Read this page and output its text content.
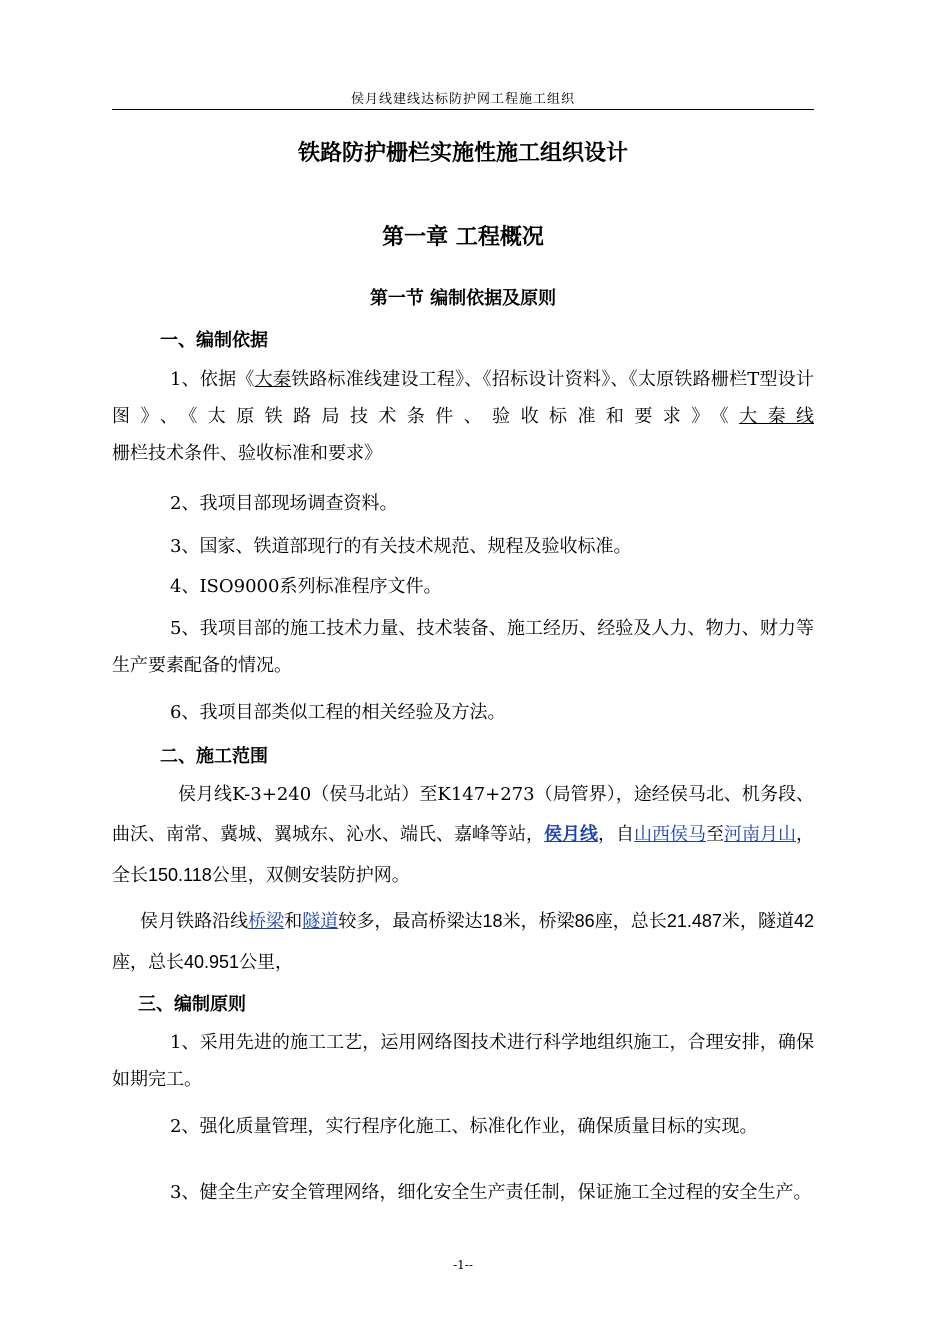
侯月线建线达标防护网工程施工组织
铁路防护栅栏实施性施工组织设计
第一章 工程概况
第一节 编制依据及原则
一、编制依据
1、依据《大秦铁路标准线建设工程》、《招标设计资料》、《太原铁路栅栏T型设计图》、《太原铁路局技术条件、验收标准和要求》《大秦线栅栏技术条件、验收标准和要求》
2、我项目部现场调查资料。
3、国家、铁道部现行的有关技术规范、规程及验收标准。
4、ISO9000系列标准程序文件。
5、我项目部的施工技术力量、技术装备、施工经历、经验及人力、物力、财力等生产要素配备的情况。
6、我项目部类似工程的相关经验及方法。
二、施工范围
侯月线K-3+240（侯马北站）至K147+273（局管界），途经侯马北、机务段、曲沃、南常、冀城、翼城东、沁水、端氏、嘉峰等站，侯月线，自山西侯马至河南月山，全长150.118公里，双侧安装防护网。
侯月铁路沿线桥梁和隧道较多，最高桥梁达18米，桥梁86座，总长21.487米，隧道42座，总长40.951公里，
三、编制原则
1、采用先进的施工工艺，运用网络图技术进行科学地组织施工，合理安排，确保如期完工。
2、强化质量管理，实行程序化施工、标准化作业，确保质量目标的实现。
3、健全生产安全管理网络，细化安全生产责任制，保证施工全过程的安全生产。
-1--
